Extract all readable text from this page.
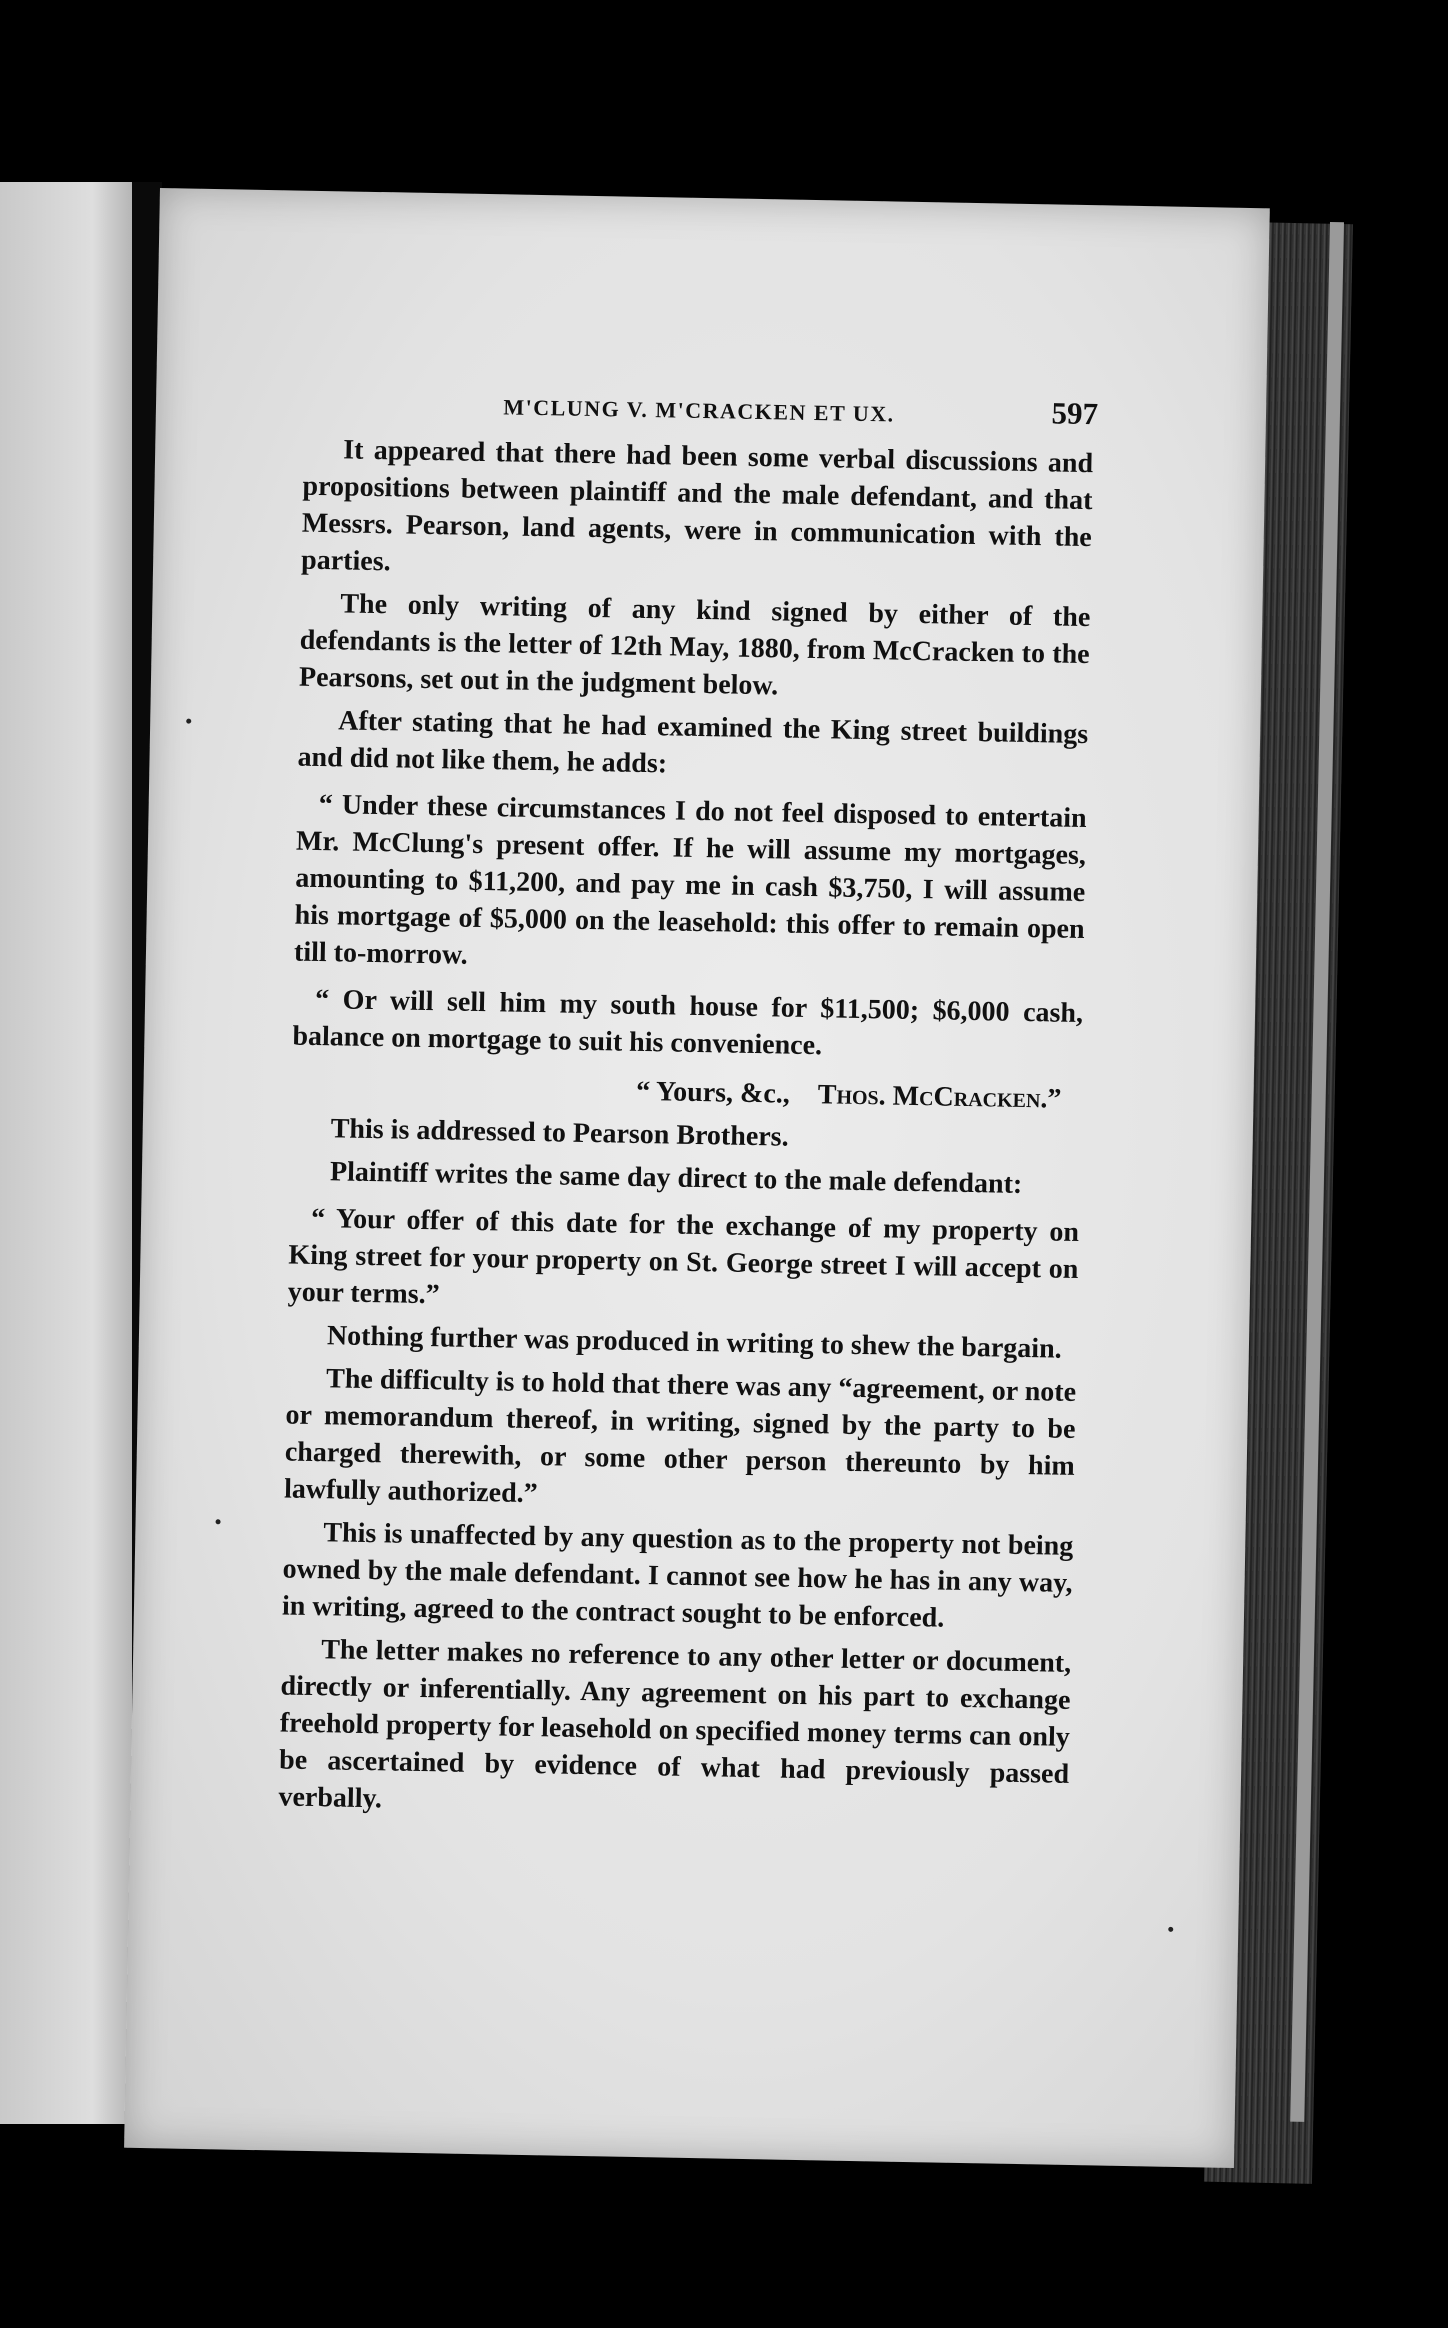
M'CLUNG V. M'CRACKEN ET UX.	597

It appeared that there had been some verbal discussions and propositions between plaintiff and the male defendant, and that Messrs. Pearson, land agents, were in communication with the parties.

The only writing of any kind signed by either of the defendants is the letter of 12th May, 1880, from McCracken to the Pearsons, set out in the judgment below.

After stating that he had examined the King street buildings and did not like them, he adds:

“ Under these circumstances I do not feel disposed to entertain Mr. McClung's present offer. If he will assume my mortgages, amounting to $11,200, and pay me in cash $3,750, I will assume his mortgage of $5,000 on the leasehold: this offer to remain open till to-morrow.

“ Or will sell him my south house for $11,500; $6,000 cash, balance on mortgage to suit his convenience.

“ Yours, &c., Thos. McCracken.”

This is addressed to Pearson Brothers.

Plaintiff writes the same day direct to the male defendant:

“ Your offer of this date for the exchange of my property on King street for your property on St. George street I will accept on your terms.”

Nothing further was produced in writing to shew the bargain.

The difficulty is to hold that there was any “agreement, or note or memorandum thereof, in writing, signed by the party to be charged therewith, or some other person thereunto by him lawfully authorized.”

This is unaffected by any question as to the property not being owned by the male defendant. I cannot see how he has in any way, in writing, agreed to the contract sought to be enforced.

The letter makes no reference to any other letter or document, directly or inferentially. Any agreement on his part to exchange freehold property for leasehold on specified money terms can only be ascertained by evidence of what had previously passed verbally.
